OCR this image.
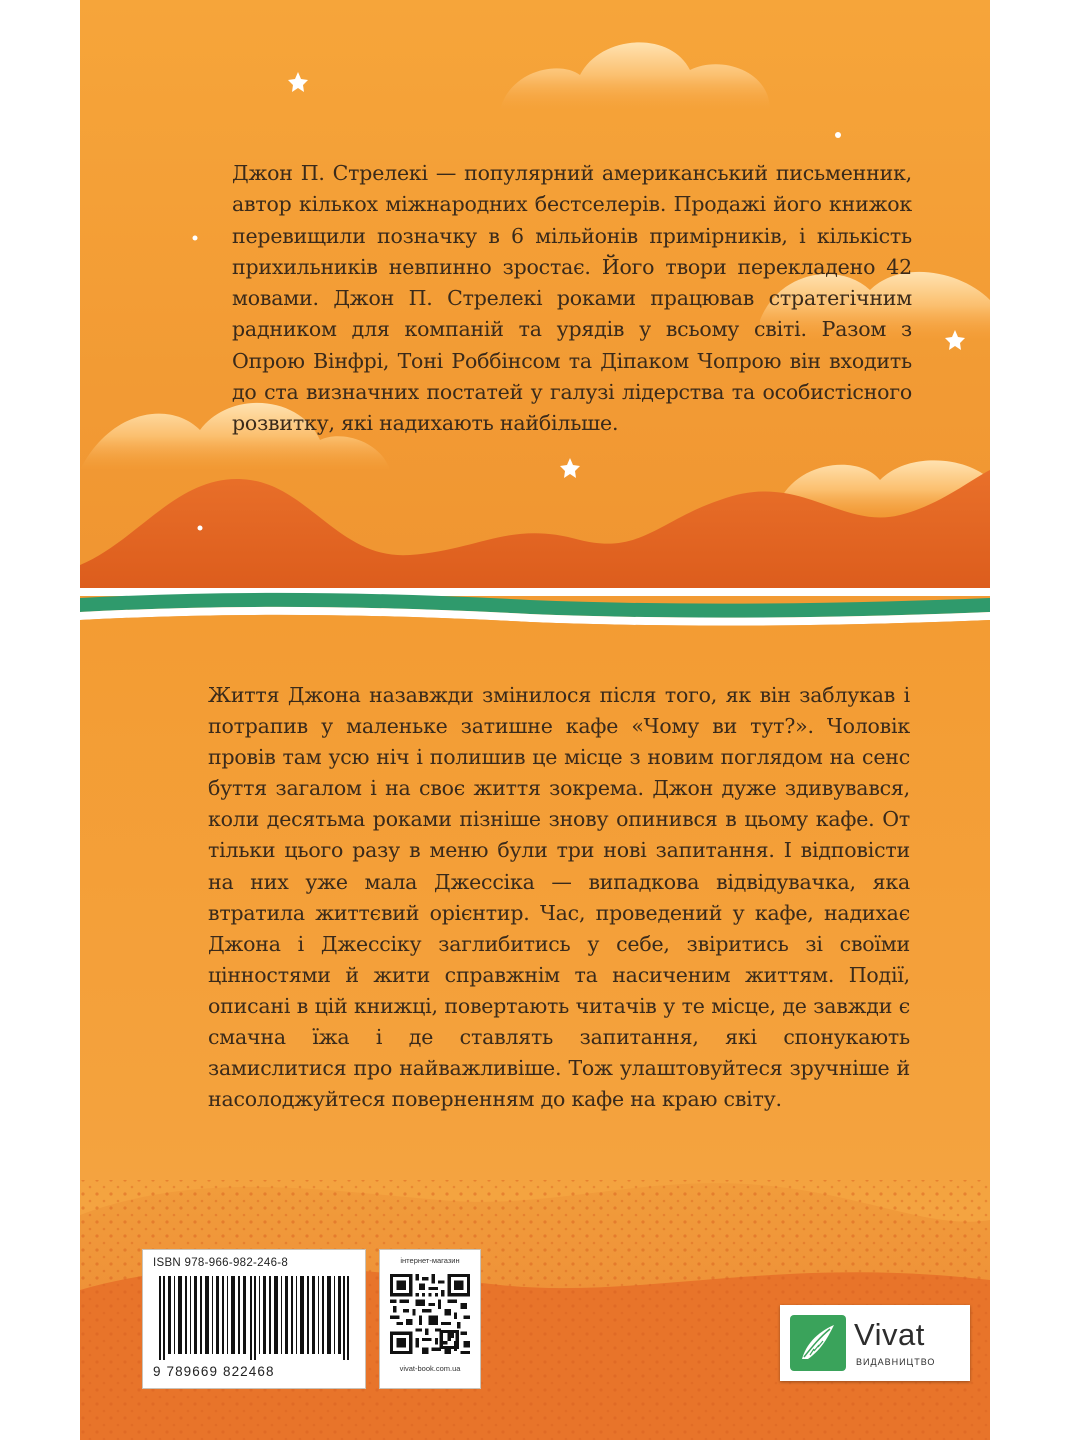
Джон П. Стрелекі — популярний американський письменник, автор кількох міжнародних бестселерів. Продажі його книжок перевищили позначку в 6 мільйонів примірників, і кількість прихильників невпинно зростає. Його твори перекладено 42 мовами. Джон П. Стрелекі роками працював стратегічним радником для компаній та урядів у всьому світі. Разом з Опрою Вінфрі, Тоні Роббінсом та Діпаком Чопрою він входить до ста визначних постатей у галузі лідерства та особистісного розвитку, які надихають найбільше.

Життя Джона назавжди змінилося після того, як він заблукав і потрапив у маленьке затишне кафе «Чому ви тут?». Чоловік провів там усю ніч і полишив це місце з новим поглядом на сенс буття загалом і на своє життя зокрема. Джон дуже здивувався, коли десятьма роками пізніше знову опинився в цьому кафе. От тільки цього разу в меню були три нові запитання. І відповісти на них уже мала Джессіка — випадкова відвідувачка, яка втратила життєвий орієнтир. Час, проведений у кафе, надихає Джона і Джессіку заглибитись у себе, звіритись зі своїми цінностями й жити справжнім та насиченим життям. Події, описані в цій книжці, повертають читачів у те місце, де завжди є смачна їжа і де ставлять запитання, які спонукають замислитися про найважливіше. Тож улаштовуйтеся зручніше й насолоджуйтеся поверненням до кафе на краю світу.

ISBN 978-966-982-246-8
9 789669 822468
інтернет-магазин
vivat-book.com.ua
Vivat
ВИДАВНИЦТВО
